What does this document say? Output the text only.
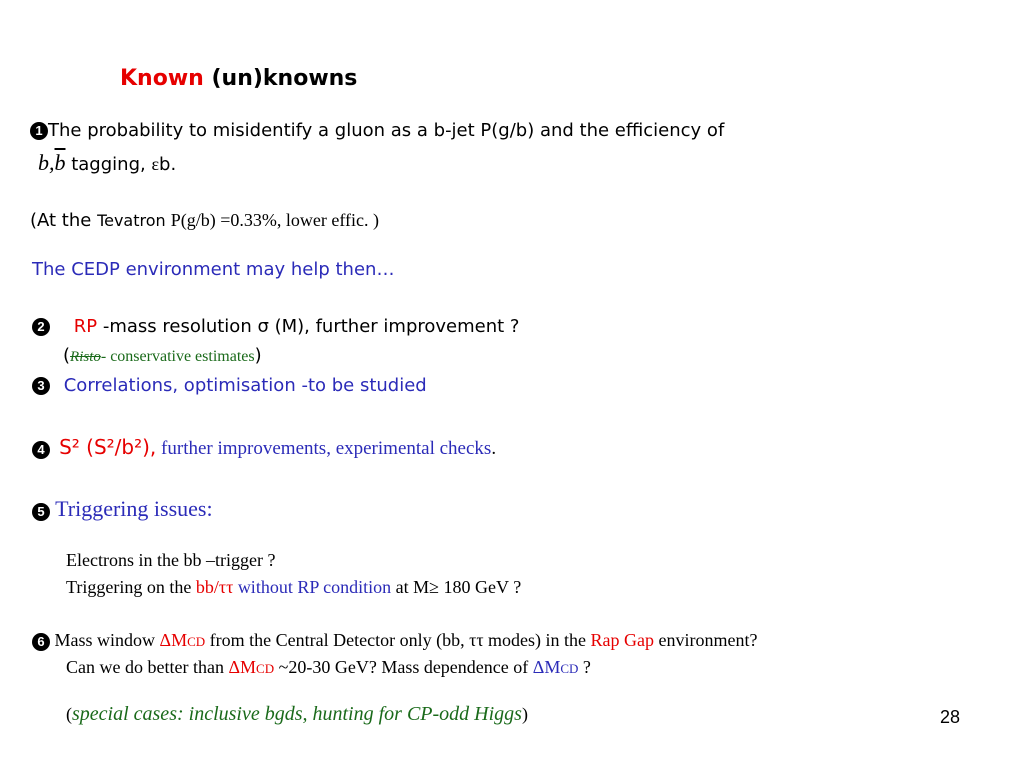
Known (un)knowns
1 The probability to misidentify a gluon as a b-jet P(g/b) and the efficiency of
$b,\overline{b}$ tagging, εb.
(At the Tevatron P(g/b) =0.33%, lower effic. )
The CEDP environment may help then…
2 RP -mass resolution σ (M), further improvement ?
(Risto- conservative estimates)
3 Correlations, optimisation -to be studied
4 S² (S²/b²), further improvements, experimental checks.
5 Triggering issues:
Electrons in the bb –trigger ?
Triggering on the bb/ττ without RP condition at M≥ 180 GeV ?
6 Mass window ΔMCD from the Central Detector only (bb, ττ modes) in the Rap Gap environment?
Can we do better than ΔMCD ~20-30 GeV? Mass dependence of ΔMCD ?
(special cases: inclusive bgds, hunting for CP-odd Higgs)	28
